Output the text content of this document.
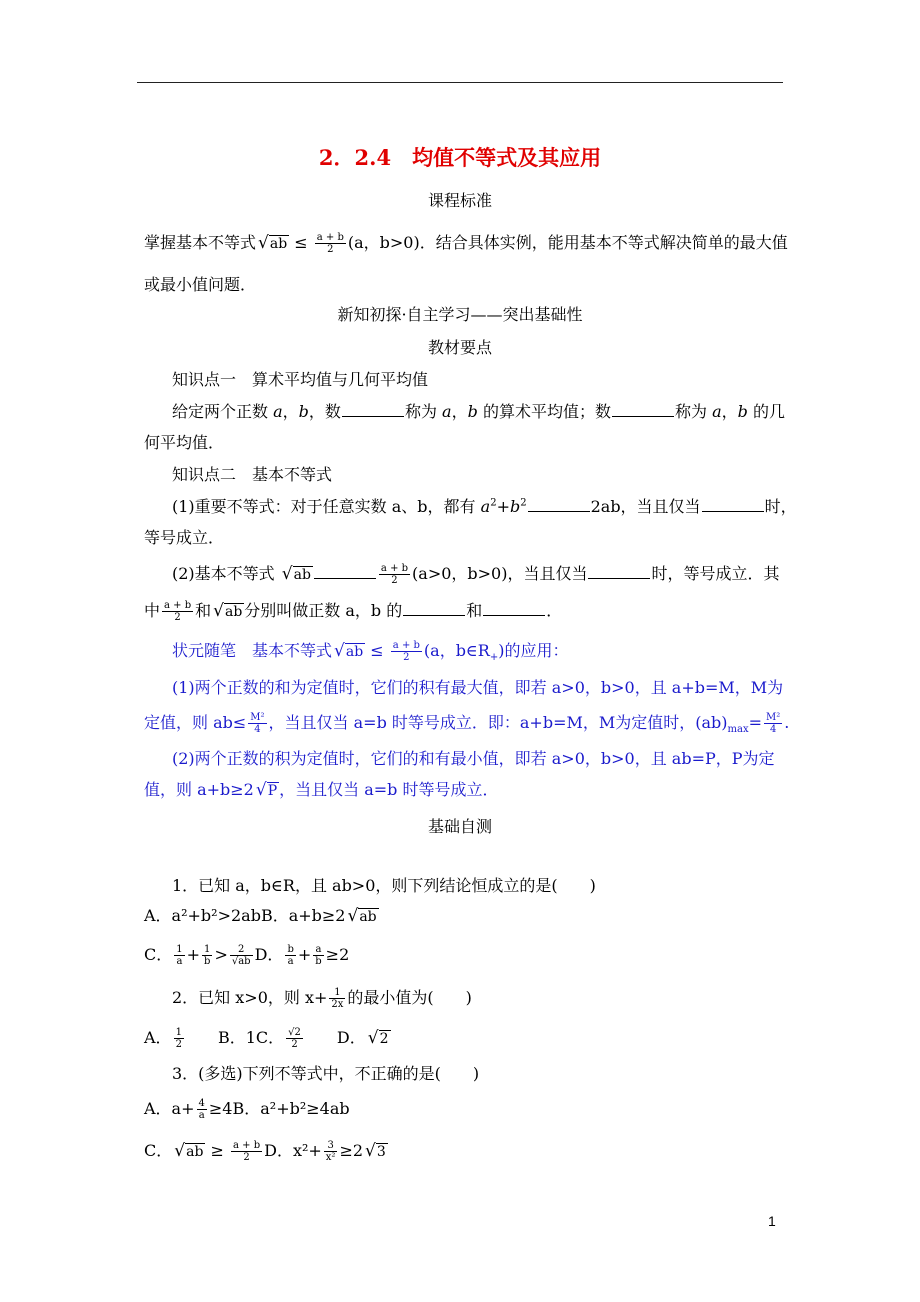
2．2.4　均值不等式及其应用
课程标准
掌握基本不等式 $√ab \le \frac{a + b}{2} (a$，b>0)．结合具体实例，能用基本不等式解决简单的最大值
或最小值问题．
新知初探·自主学习——突出基础性
教材要点
知识点一　算术平均值与几何平均值
给定两个正数 a，b，数	称为 a，b 的算术平均值；数	称为 a，b 的几
何平均值．
知识点二　基本不等式
(1)重要不等式：对于任意实数 a、b，都有 $a^2+b^2$	2ab，当且仅当	时，
等号成立．
(2)基本不等式 √ab	$\frac{a + b}{2} (a>0$，b>0)，当且仅当	时，等号成立．其
中 $\frac{a + b}{2}$ 和 √ab 分别叫做正数 a，b 的	和	．
状元随笔　 基本不等式 $√ab \le \frac{a + b}{2} (a$，$b\in R_+$)的应用：
(1)两个正数的和为定值时，它们的积有最大值，即若 a>0，b>0，且 a+b=M，M为
定值，则 $ab\le \frac{\text{M²}}{4}$ ，当且仅当 a=b 时等号成立．即：a+b=M，M为定值时，$(ab)_{max}= \frac{\text{M²}}{4}$ .
(2)两个正数的积为定值时，它们的和有最小值，即若 a>0，b>0，且 ab=P，P为定
值，则 a+b≥2 √P ，当且仅当 a=b 时等号成立．
基础自测
1．已知 a，b∈R，且 ab>0，则下列结论恒成立的是(　　)
A．a²+b²>2abB．a+b≥2 √ab
C． $\frac{1}{a} + \frac{1}{b} > \frac{2}{√ab}$ D． $\frac{b}{a} + \frac{a}{b} \ge 2$
2．已知 x>0，则 $x+ \frac{1}{2x}$ 的最小值为(　　)
A． $\frac{1}{2}$
　　 B．1C． $\frac{√2}{2}$
　　 D． √2
3．(多选)下列不等式中，不正确的是(　　)
A．$a+ \frac{4}{a} \ge 4B$．a²+b²≥4ab
C． $√ab \ge \frac{a + b}{2}$ D．$x^2+ \frac{3}{\text{x²}} \ge 2$ √3
1
